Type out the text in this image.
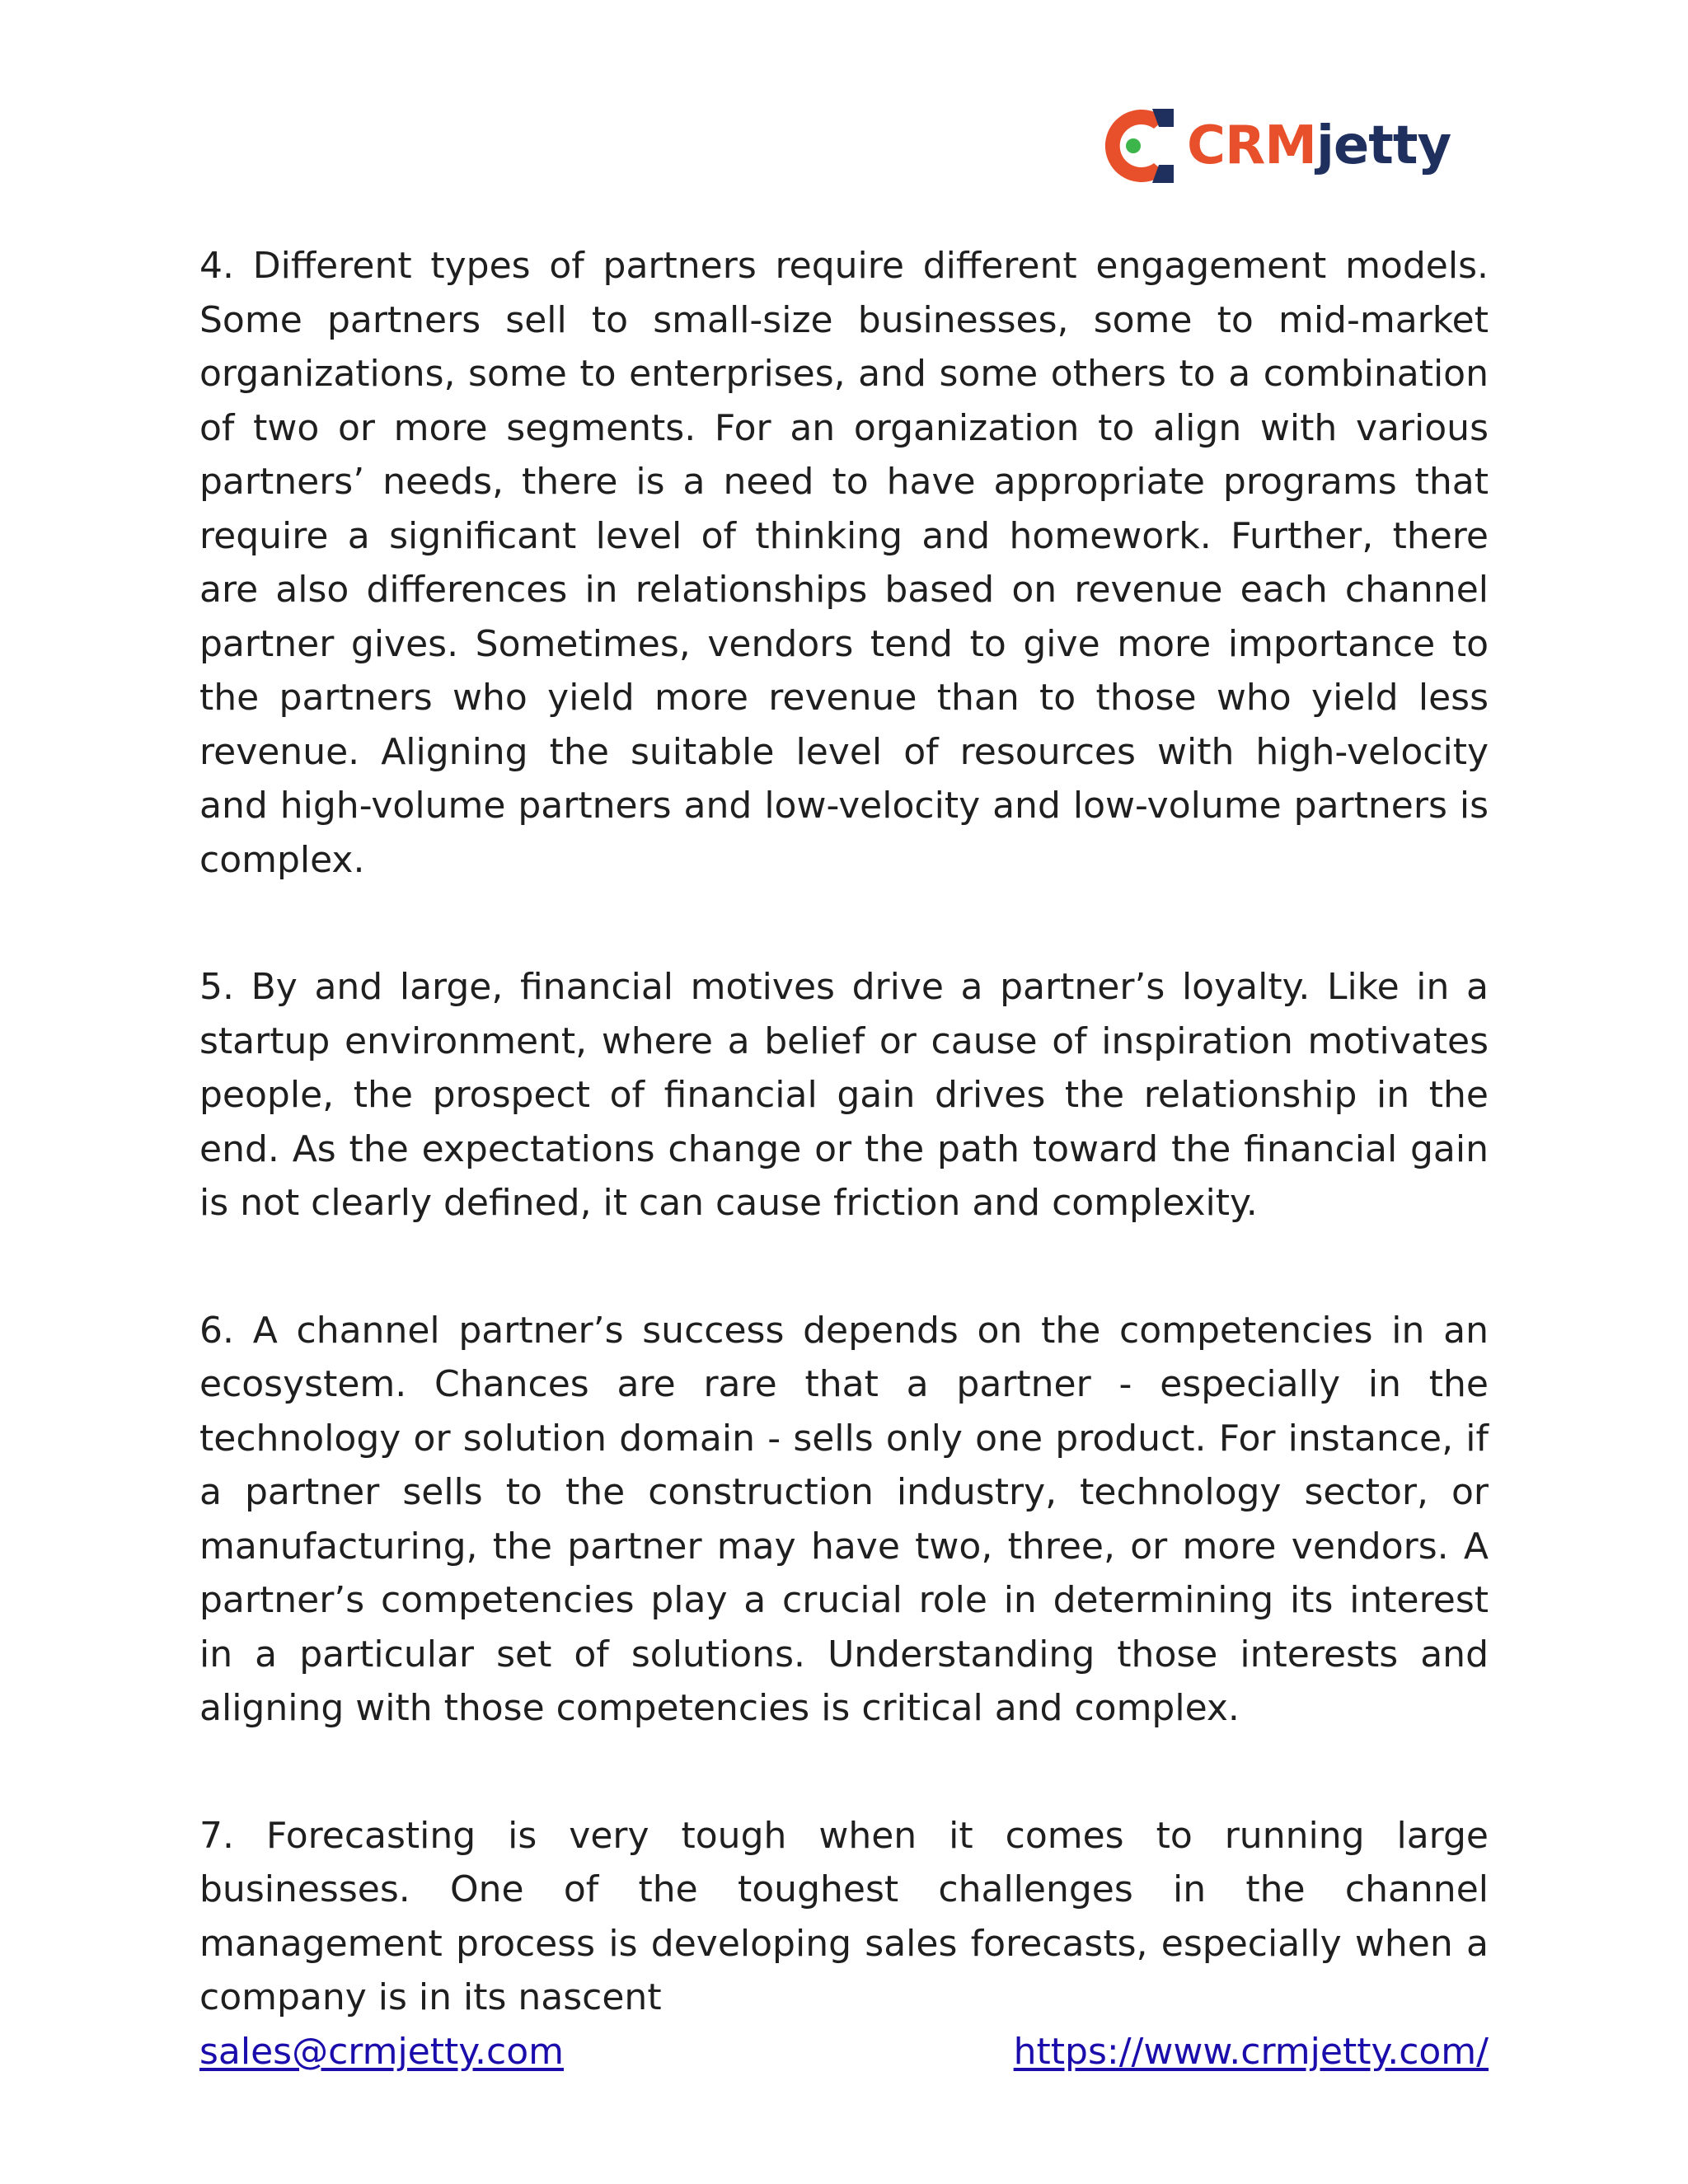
CRMjetty

4. Different types of partners require different engagement models. Some partners sell to small-size businesses, some to mid-market organizations, some to enterprises, and some others to a combination of two or more segments. For an organization to align with various partners’ needs, there is a need to have appropriate programs that require a significant level of thinking and homework. Further, there are also differences in relationships based on revenue each channel partner gives. Sometimes, vendors tend to give more importance to the partners who yield more revenue than to those who yield less revenue. Aligning the suitable level of resources with high-velocity and high-volume partners and low-velocity and low-volume partners is complex.

5. By and large, financial motives drive a partner’s loyalty. Like in a startup environment, where a belief or cause of inspiration motivates people, the prospect of financial gain drives the relationship in the end. As the expectations change or the path toward the financial gain is not clearly defined, it can cause friction and complexity.

6. A channel partner’s success depends on the competencies in an ecosystem. Chances are rare that a partner - especially in the technology or solution domain - sells only one product. For instance, if a partner sells to the construction industry, technology sector, or manufacturing, the partner may have two, three, or more vendors. A partner’s competencies play a crucial role in determining its interest in a particular set of solutions. Understanding those interests and aligning with those competencies is critical and complex.

7. Forecasting is very tough when it comes to running large businesses. One of the toughest challenges in the channel management process is developing sales forecasts, especially when a company is in its nascent

sales@crmjetty.com	https://www.crmjetty.com/
